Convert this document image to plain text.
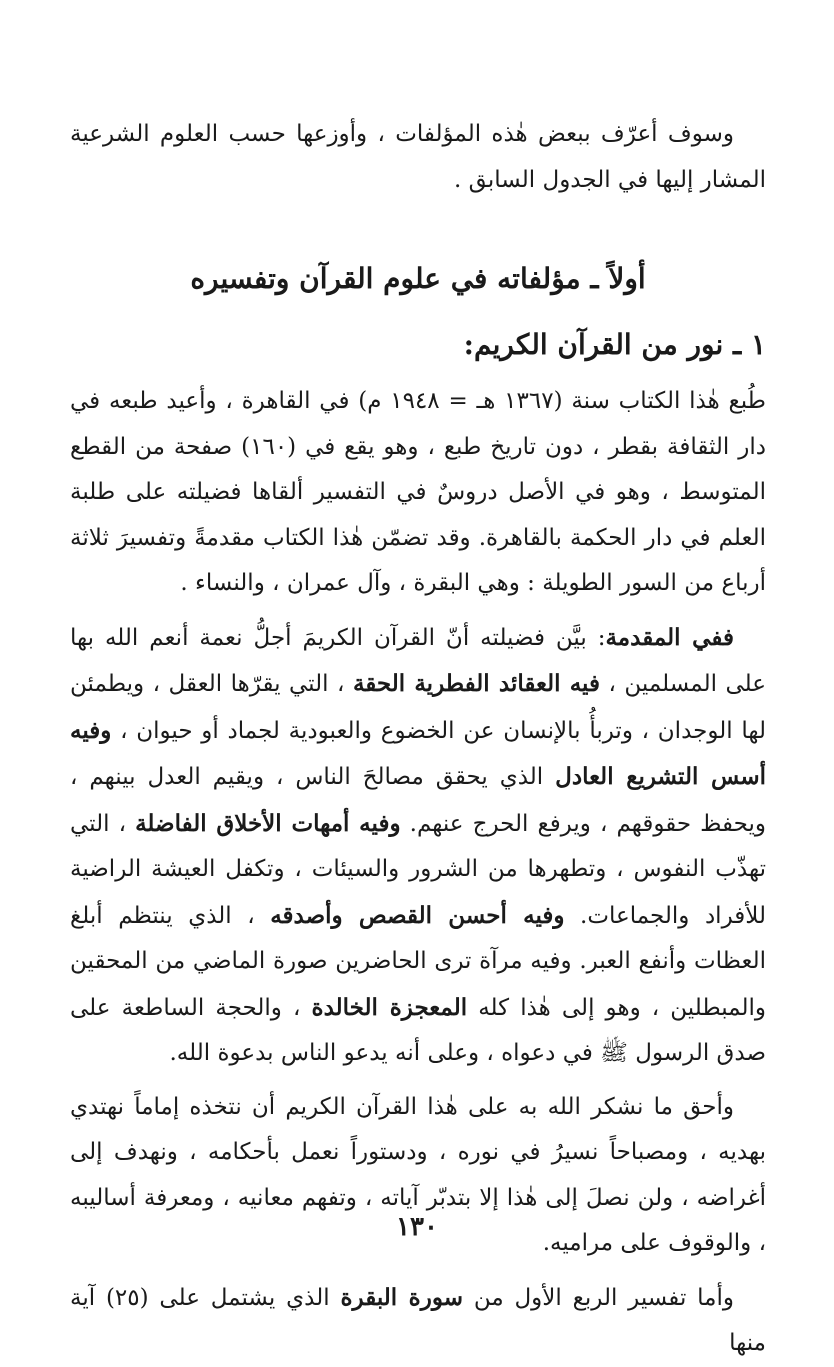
وسوف أعرّف ببعض هٰذه المؤلفات ، وأوزعها حسب العلوم الشرعية المشار إليها في الجدول السابق .

أولاً ـ مؤلفاته في علوم القرآن وتفسيره
١ ـ نور من القرآن الكريم:

طُبع هٰذا الكتاب سنة (١٣٦٧ هـ = ١٩٤٨ م) في القاهرة ، وأعيد طبعه في دار الثقافة بقطر ، دون تاريخ طبع ، وهو يقع في (١٦٠) صفحة من القطع المتوسط ، وهو في الأصل دروسٌ في التفسير ألقاها فضيلته على طلبة العلم في دار الحكمة بالقاهرة. وقد تضمّن هٰذا الكتاب مقدمةً وتفسيرَ ثلاثة أرباع من السور الطويلة : وهي البقرة ، وآل عمران ، والنساء .

ففي المقدمة: بيَّن فضيلته أنّ القرآن الكريمَ أجلُّ نعمة أنعم الله بها على المسلمين ، فيه العقائد الفطرية الحقة ، التي يقرّها العقل ، ويطمئن لها الوجدان ، وتربأُ بالإنسان عن الخضوع والعبودية لجماد أو حيوان ، وفيه أسس التشريع العادل الذي يحقق مصالحَ الناس ، ويقيم العدل بينهم ، ويحفظ حقوقهم ، ويرفع الحرج عنهم. وفيه أمهات الأخلاق الفاضلة ، التي تهذّب النفوس ، وتطهرها من الشرور والسيئات ، وتكفل العيشة الراضية للأفراد والجماعات. وفيه أحسن القصص وأصدقه ، الذي ينتظم أبلغ العظات وأنفع العبر. وفيه مرآة ترى الحاضرين صورة الماضي من المحقين والمبطلين ، وهو إلى هٰذا كله المعجزة الخالدة ، والحجة الساطعة على صدق الرسول ﷺ في دعواه ، وعلى أنه يدعو الناس بدعوة الله.

وأحق ما نشكر الله به على هٰذا القرآن الكريم أن نتخذه إماماً نهتدي بهديه ، ومصباحاً نسيرُ في نوره ، ودستوراً نعمل بأحكامه ، ونهدف إلى أغراضه ، ولن نصلَ إلى هٰذا إلا بتدبّر آياته ، وتفهم معانيه ، ومعرفة أساليبه ، والوقوف على مراميه.

وأما تفسير الربع الأول من سورة البقرة الذي يشتمل على (٢٥) آية منها

١٣٠
